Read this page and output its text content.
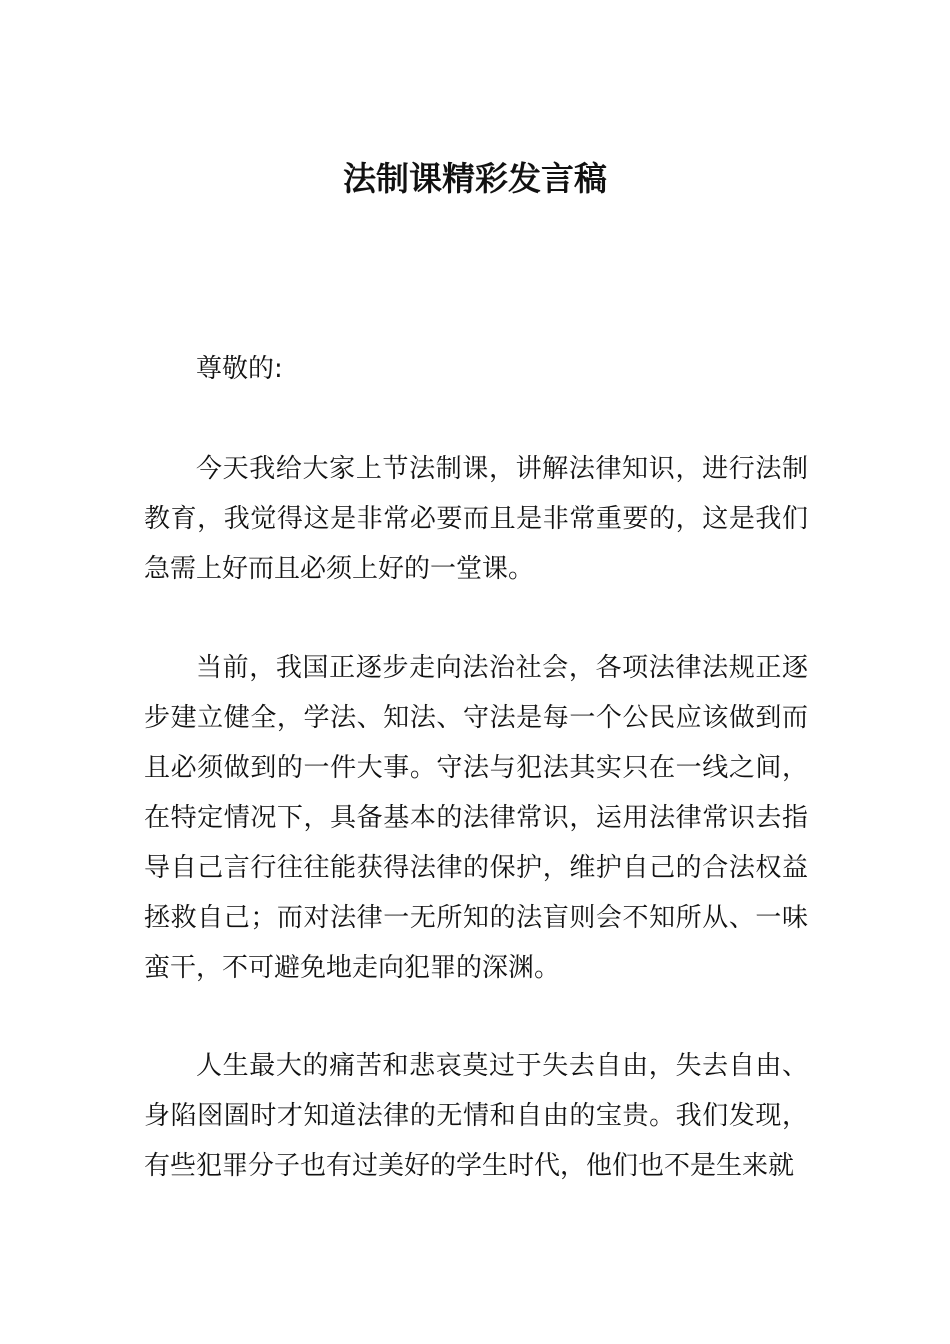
法制课精彩发言稿

尊敬的:

今天我给大家上节法制课，讲解法律知识，进行法制教育，我觉得这是非常必要而且是非常重要的，这是我们急需上好而且必须上好的一堂课。

当前，我国正逐步走向法治社会，各项法律法规正逐步建立健全，学法、知法、守法是每一个公民应该做到而且必须做到的一件大事。守法与犯法其实只在一线之间，在特定情况下，具备基本的法律常识，运用法律常识去指导自己言行往往能获得法律的保护，维护自己的合法权益拯救自己；而对法律一无所知的法盲则会不知所从、一味蛮干，不可避免地走向犯罪的深渊。

人生最大的痛苦和悲哀莫过于失去自由，失去自由、身陷囹圄时才知道法律的无情和自由的宝贵。我们发现，有些犯罪分子也有过美好的学生时代，他们也不是生来就
